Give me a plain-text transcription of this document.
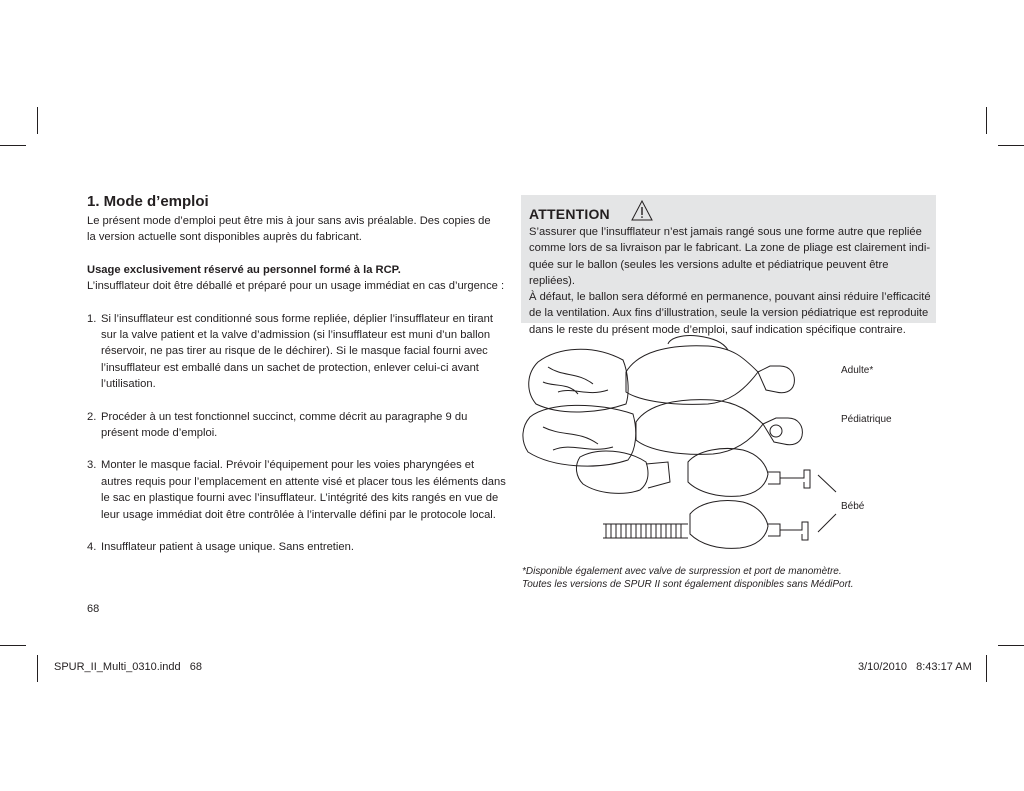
1. Mode d’emploi
Le présent mode d’emploi peut être mis à jour sans avis préalable. Des copies de
la version actuelle sont disponibles auprès du fabricant.
Usage exclusivement réservé au personnel formé à la RCP.
L’insufflateur doit être déballé et préparé pour un usage immédiat en cas d’urgence :
1. Si l’insufflateur est conditionné sous forme repliée, déplier l’insufflateur en tirant
sur la valve patient et la valve d’admission (si l’insufflateur est muni d’un ballon
réservoir, ne pas tirer au risque de le déchirer). Si le masque facial fourni avec
l’insufflateur est emballé dans un sachet de protection, enlever celui-ci avant
l’utilisation.
2. Procéder à un test fonctionnel succinct, comme décrit au paragraphe 9 du
présent mode d’emploi.
3. Monter le masque facial. Prévoir l’équipement pour les voies pharyngées et
autres requis pour l’emplacement en attente visé et placer tous les éléments dans
le sac en plastique fourni avec l’insufflateur. L’intégrité des kits rangés en vue de
leur usage immédiat doit être contrôlée à l’intervalle défini par le protocole local.
4. Insufflateur patient à usage unique. Sans entretien.
ATTENTION
S’assurer que l’insufflateur n’est jamais rangé sous une forme autre que repliée
comme lors de sa livraison par le fabricant. La zone de pliage est clairement indi-
quée sur le ballon (seules les versions adulte et pédiatrique peuvent être repliées).
À défaut, le ballon sera déformé en permanence, pouvant ainsi réduire l’efficacité
de la ventilation. Aux fins d’illustration, seule la version pédiatrique est reproduite
dans le reste du présent mode d’emploi, sauf indication spécifique contraire.
Adulte*
Pédiatrique
Bébé
*Disponible également avec valve de surpression et port de manomètre.
Toutes les versions de SPUR II sont également disponibles sans MédiPort.
68
SPUR_II_Multi_0310.indd   68	3/10/2010   8:43:17 AM
